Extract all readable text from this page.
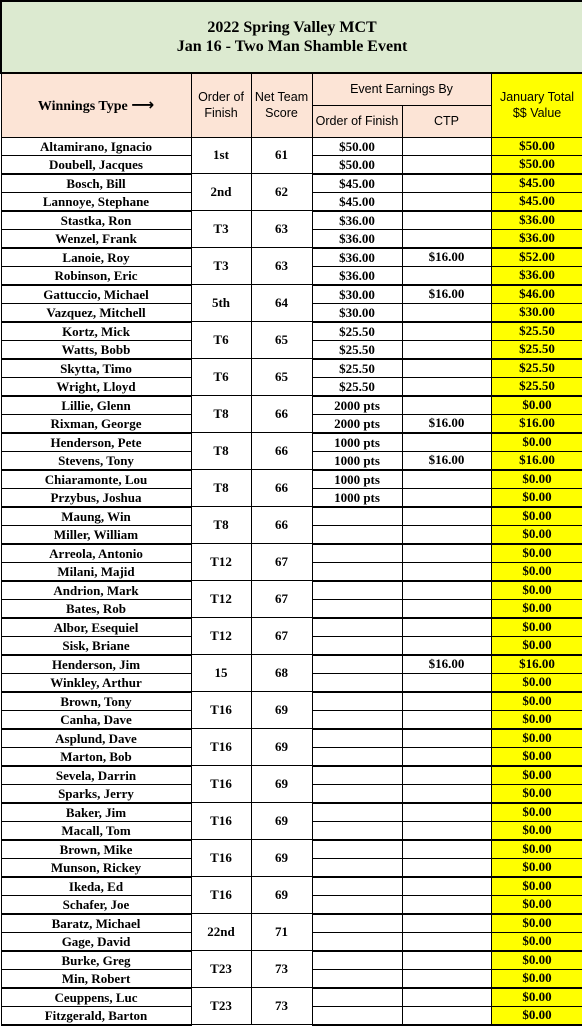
2022 Spring Valley MCT
Jan 16 - Two Man Shamble Event					

Winnings Type ⟶	Order of Finish	Net Team Score	Event Earnings By		January Total $$ Value
			Order of Finish	CTP	
Altamirano, Ignacio	1st	61	$50.00		$50.00
Doubell, Jacques			$50.00		$50.00
Bosch, Bill	2nd	62	$45.00		$45.00
Lannoye, Stephane			$45.00		$45.00
Stastka, Ron	T3	63	$36.00		$36.00
Wenzel, Frank			$36.00		$36.00
Lanoie, Roy	T3	63	$36.00	$16.00	$52.00
Robinson, Eric			$36.00		$36.00
Gattuccio, Michael	5th	64	$30.00	$16.00	$46.00
Vazquez, Mitchell			$30.00		$30.00
Kortz, Mick	T6	65	$25.50		$25.50
Watts, Bobb			$25.50		$25.50
Skytta, Timo	T6	65	$25.50		$25.50
Wright, Lloyd			$25.50		$25.50
Lillie, Glenn	T8	66	2000 pts		$0.00
Rixman, George			2000 pts	$16.00	$16.00
Henderson, Pete	T8	66	1000 pts		$0.00
Stevens, Tony			1000 pts	$16.00	$16.00
Chiaramonte, Lou	T8	66	1000 pts		$0.00
Przybus, Joshua			1000 pts		$0.00
Maung, Win	T8	66			$0.00
Miller, William					$0.00
Arreola, Antonio	T12	67			$0.00
Milani, Majid					$0.00
Andrion, Mark	T12	67			$0.00
Bates, Rob					$0.00
Albor, Esequiel	T12	67			$0.00
Sisk, Briane					$0.00
Henderson, Jim	15	68		$16.00	$16.00
Winkley, Arthur					$0.00
Brown, Tony	T16	69			$0.00
Canha, Dave					$0.00
Asplund, Dave	T16	69			$0.00
Marton, Bob					$0.00
Sevela, Darrin	T16	69			$0.00
Sparks, Jerry					$0.00
Baker, Jim	T16	69			$0.00
Macall, Tom					$0.00
Brown, Mike	T16	69			$0.00
Munson, Rickey					$0.00
Ikeda, Ed	T16	69			$0.00
Schafer, Joe					$0.00
Baratz, Michael	22nd	71			$0.00
Gage, David					$0.00
Burke, Greg	T23	73			$0.00
Min, Robert					$0.00
Ceuppens, Luc	T23	73			$0.00
Fitzgerald, Barton					$0.00
